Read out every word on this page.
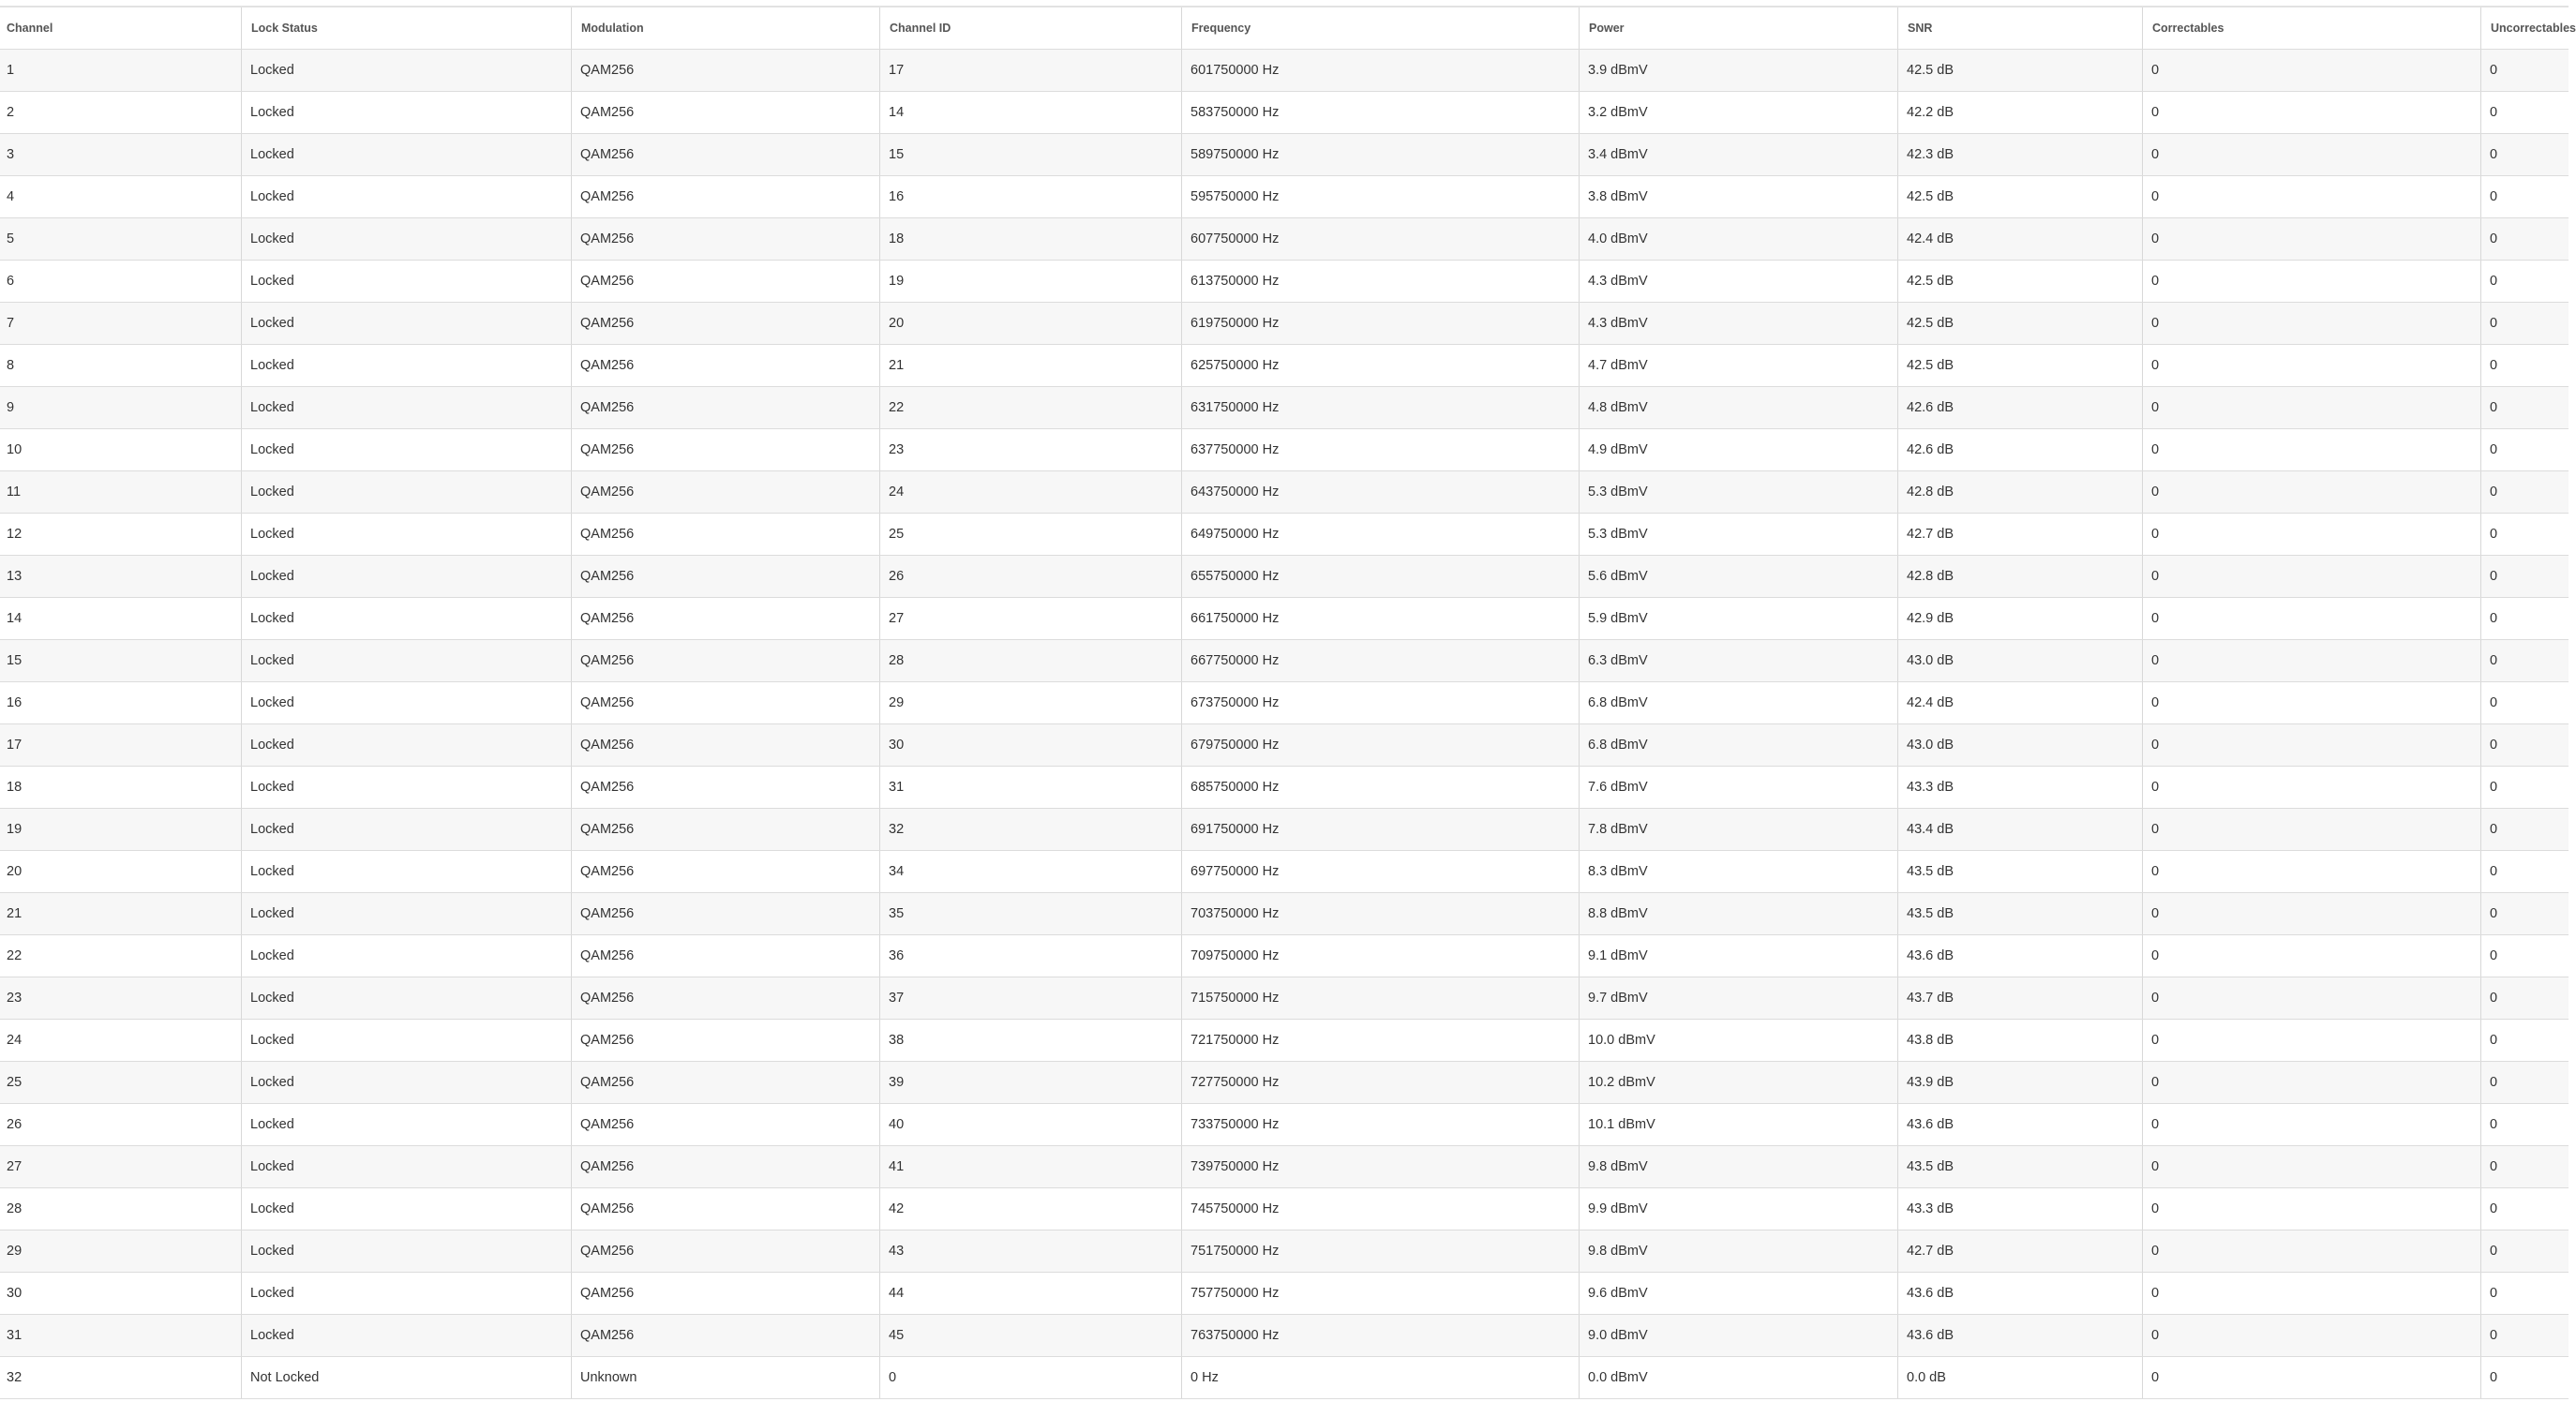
Channel	Lock Status	Modulation	Channel ID	Frequency	Power	SNR	Correctables	Uncorrectables
1	Locked	QAM256	17	601750000 Hz	3.9 dBmV	42.5 dB	0	0
2	Locked	QAM256	14	583750000 Hz	3.2 dBmV	42.2 dB	0	0
3	Locked	QAM256	15	589750000 Hz	3.4 dBmV	42.3 dB	0	0
4	Locked	QAM256	16	595750000 Hz	3.8 dBmV	42.5 dB	0	0
5	Locked	QAM256	18	607750000 Hz	4.0 dBmV	42.4 dB	0	0
6	Locked	QAM256	19	613750000 Hz	4.3 dBmV	42.5 dB	0	0
7	Locked	QAM256	20	619750000 Hz	4.3 dBmV	42.5 dB	0	0
8	Locked	QAM256	21	625750000 Hz	4.7 dBmV	42.5 dB	0	0
9	Locked	QAM256	22	631750000 Hz	4.8 dBmV	42.6 dB	0	0
10	Locked	QAM256	23	637750000 Hz	4.9 dBmV	42.6 dB	0	0
11	Locked	QAM256	24	643750000 Hz	5.3 dBmV	42.8 dB	0	0
12	Locked	QAM256	25	649750000 Hz	5.3 dBmV	42.7 dB	0	0
13	Locked	QAM256	26	655750000 Hz	5.6 dBmV	42.8 dB	0	0
14	Locked	QAM256	27	661750000 Hz	5.9 dBmV	42.9 dB	0	0
15	Locked	QAM256	28	667750000 Hz	6.3 dBmV	43.0 dB	0	0
16	Locked	QAM256	29	673750000 Hz	6.8 dBmV	42.4 dB	0	0
17	Locked	QAM256	30	679750000 Hz	6.8 dBmV	43.0 dB	0	0
18	Locked	QAM256	31	685750000 Hz	7.6 dBmV	43.3 dB	0	0
19	Locked	QAM256	32	691750000 Hz	7.8 dBmV	43.4 dB	0	0
20	Locked	QAM256	34	697750000 Hz	8.3 dBmV	43.5 dB	0	0
21	Locked	QAM256	35	703750000 Hz	8.8 dBmV	43.5 dB	0	0
22	Locked	QAM256	36	709750000 Hz	9.1 dBmV	43.6 dB	0	0
23	Locked	QAM256	37	715750000 Hz	9.7 dBmV	43.7 dB	0	0
24	Locked	QAM256	38	721750000 Hz	10.0 dBmV	43.8 dB	0	0
25	Locked	QAM256	39	727750000 Hz	10.2 dBmV	43.9 dB	0	0
26	Locked	QAM256	40	733750000 Hz	10.1 dBmV	43.6 dB	0	0
27	Locked	QAM256	41	739750000 Hz	9.8 dBmV	43.5 dB	0	0
28	Locked	QAM256	42	745750000 Hz	9.9 dBmV	43.3 dB	0	0
29	Locked	QAM256	43	751750000 Hz	9.8 dBmV	42.7 dB	0	0
30	Locked	QAM256	44	757750000 Hz	9.6 dBmV	43.6 dB	0	0
31	Locked	QAM256	45	763750000 Hz	9.0 dBmV	43.6 dB	0	0
32	Not Locked	Unknown	0	0 Hz	0.0 dBmV	0.0 dB	0	0
